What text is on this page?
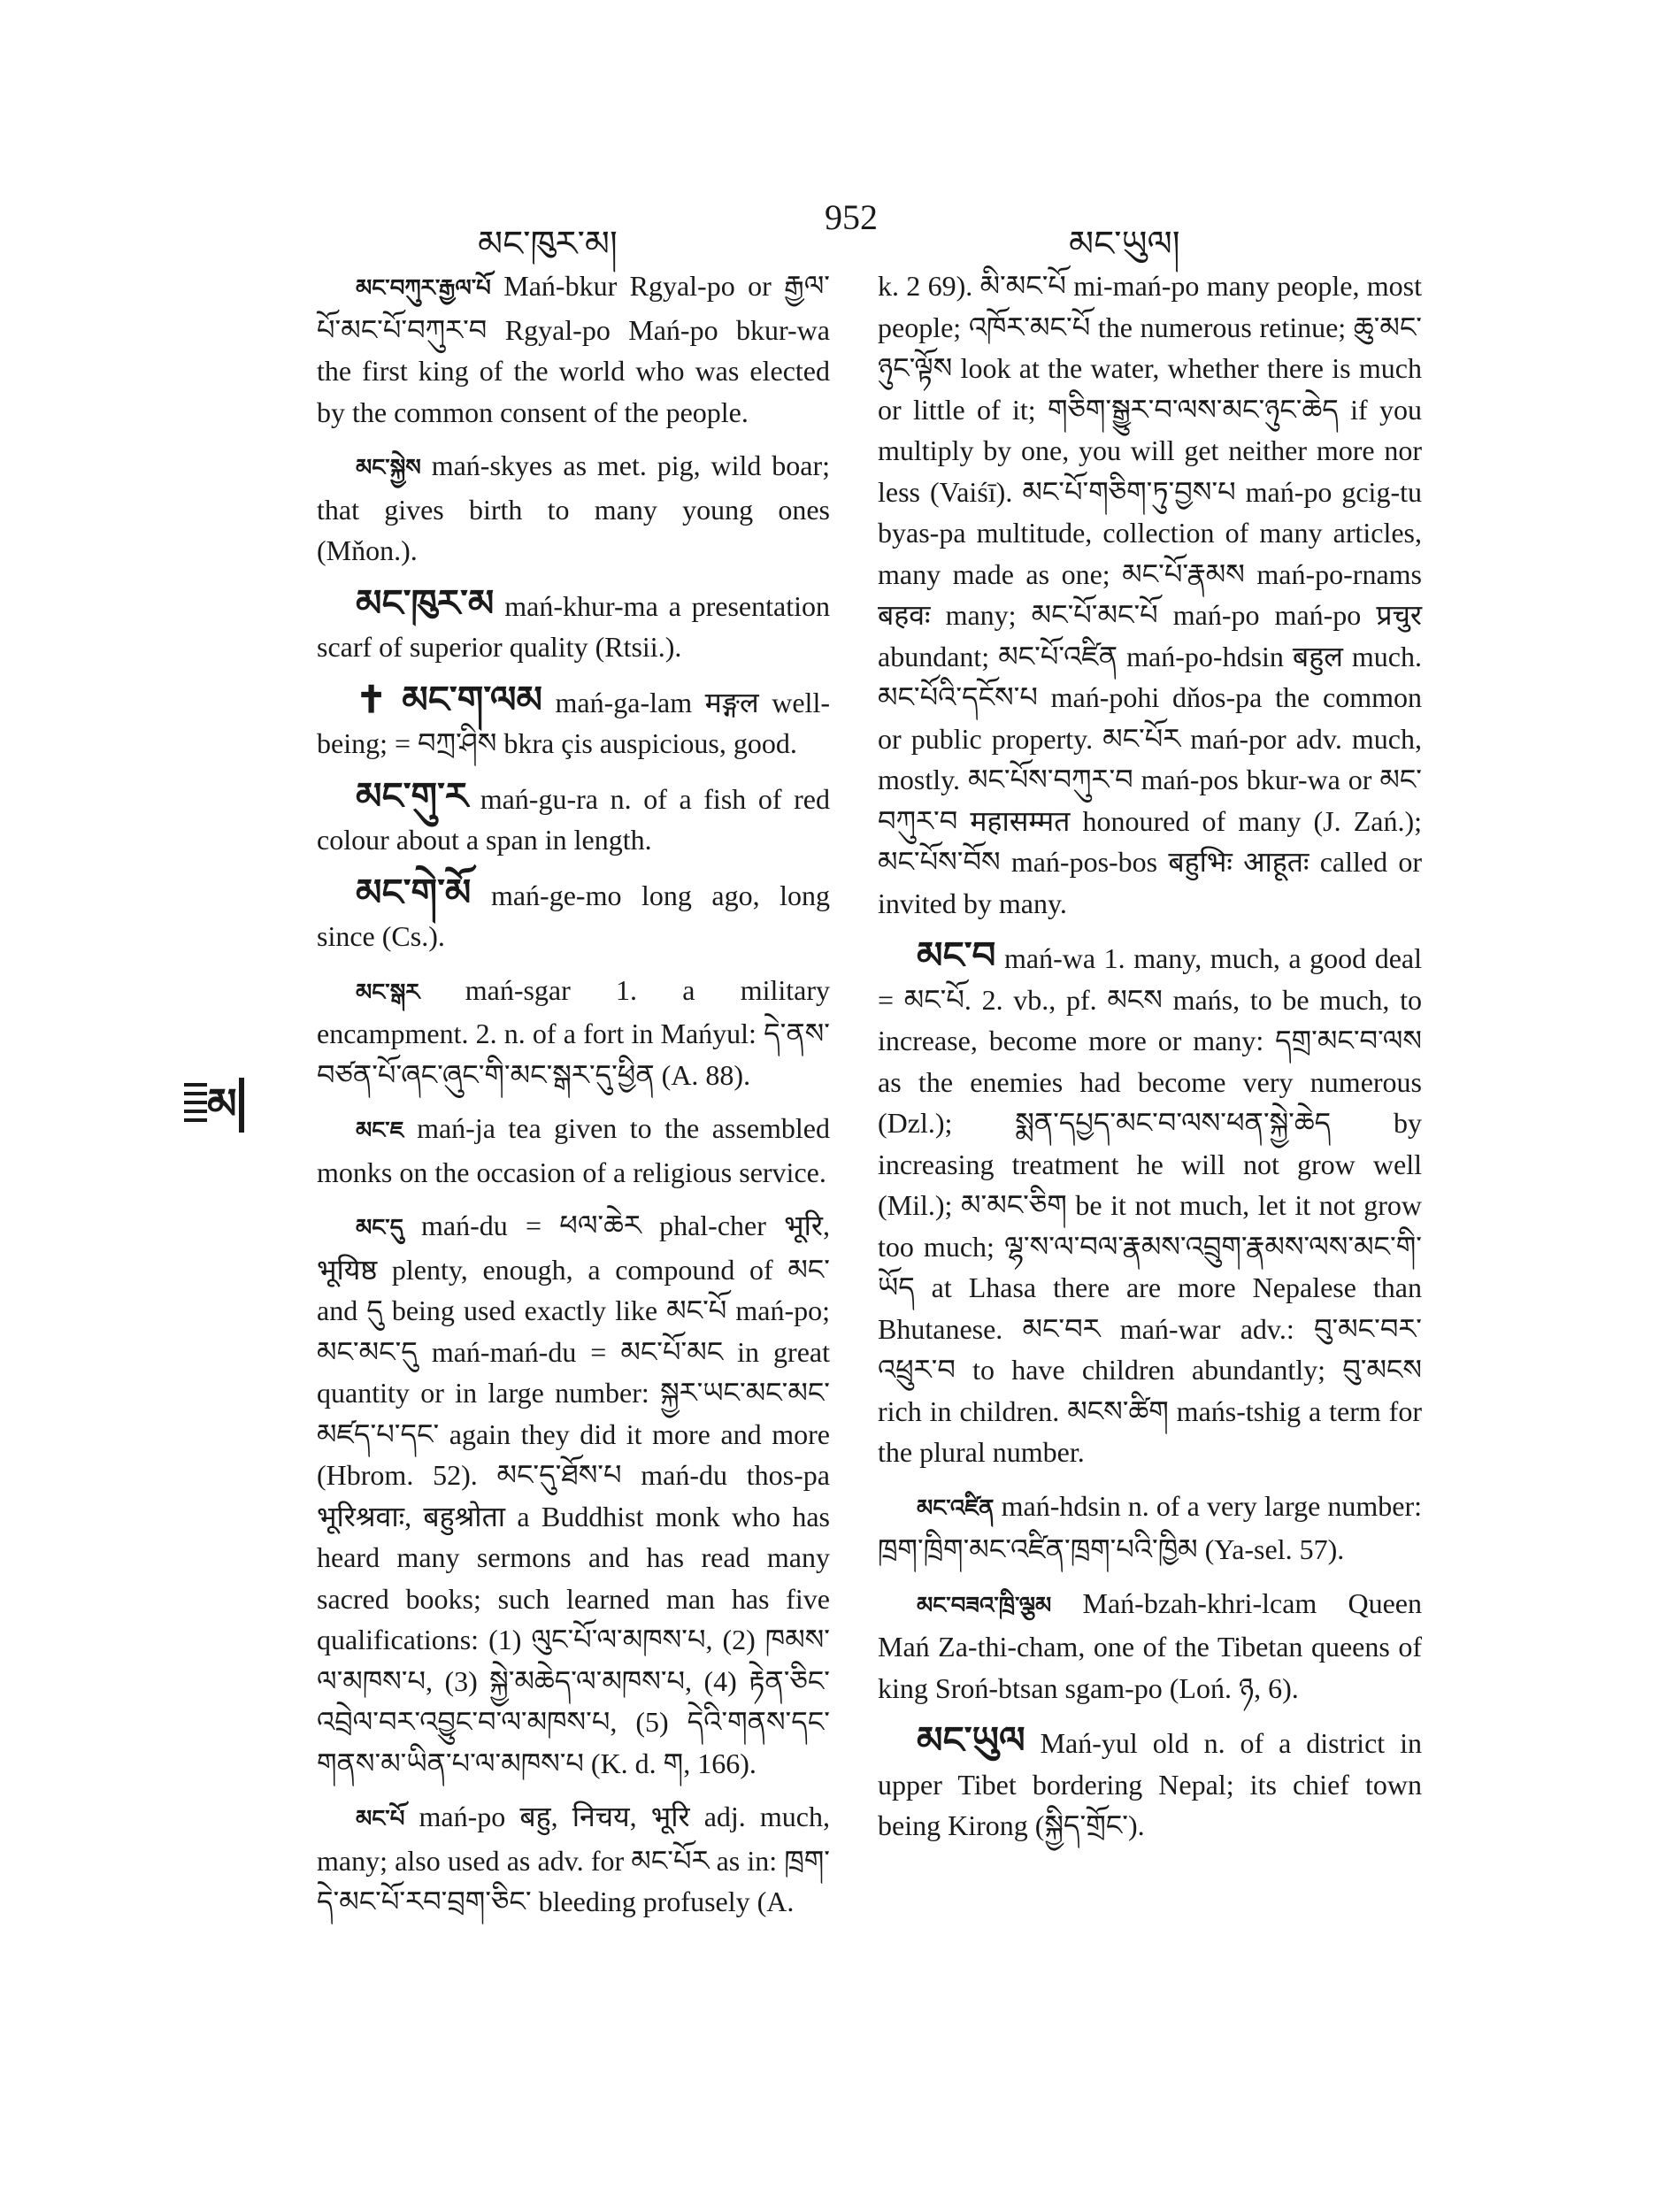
མང་ཁུར་མ།
952
མང་ཡུལ།
མ

མང་བཀུར་རྒྱལ་པོ Mań-bkur Rgyal-po or རྒྱལ་པོ་མང་པོ་བཀུར་བ Rgyal-po Mań-po bkur-wa the first king of the world who was elected by the common consent of the people.

མང་སྐྱེས mań-skyes as met. pig, wild boar; that gives birth to many young ones (Mňon.).

མང་ཁུར་མ mań-khur-ma a presentation scarf of superior quality (Rtsii.).

✝ མང་ག་ལམ mań-ga-lam मङ्गल well-being; = བཀྲ་ཤིས bkra çis auspicious, good.

མང་གུ་ར mań-gu-ra n. of a fish of red colour about a span in length.

མང་གེ་མོ mań-ge-mo long ago, long since (Cs.).

མང་སྒར mań-sgar 1. a military encampment. 2. n. of a fort in Mańyul: དེ་ནས་བཙན་པོ་ཞང་ཞུང་གི་མང་སྒར་དུ་ཕྱིན (A. 88).

མང་ཇ mań-ja tea given to the assembled monks on the occasion of a religious service.

མང་དུ mań-du = ཕལ་ཆེར phal-cher भूरि, भूयिष्ठ plenty, enough, a compound of མང་ and དུ being used exactly like མང་པོ mań-po; མང་མང་དུ mań-mań-du = མང་པོ་མང in great quantity or in large number: སྐྱར་ཡང་མང་མང་མཛད་པ་དང་ again they did it more and more (Hbrom. 52). མང་དུ་ཐོས་པ mań-du thos-pa भूरिश्रवाः, बहुश्रोता a Buddhist monk who has heard many sermons and has read many sacred books; such learned man has five qualifications: (1) ལུང་པོ་ལ་མཁས་པ, (2) ཁམས་ལ་མཁས་པ, (3) སྐྱེ་མཆེད་ལ་མཁས་པ, (4) རྟེན་ཅིང་འབྲེལ་བར་འབྱུང་བ་ལ་མཁས་པ, (5) དེའི་གནས་དང་གནས་མ་ཡིན་པ་ལ་མཁས་པ (K. d. ག, 166).

མང་པོ mań-po बहु, निचय, भूरि adj. much, many; also used as adv. for མང་པོར as in: ཁྲག་དེ་མང་པོ་རབ་བྲག་ཅིང་ bleeding profusely (A.

k. 2 69). མི་མང་པོ mi-mań-po many people, most people; འཁོར་མང་པོ the numerous retinue; ཆུ་མང་ཉུང་ལྟོས look at the water, whether there is much or little of it; གཅིག་སྒྱུར་བ་ལས་མང་ཉུང་ཆེད if you multiply by one, you will get neither more nor less (Vaiśī). མང་པོ་གཅིག་ཏུ་བྱས་པ mań-po gcig-tu byas-pa multitude, collection of many articles, many made as one; མང་པོ་རྣམས mań-po-rnams बहवः many; མང་པོ་མང་པོ mań-po mań-po प्रचुर abundant; མང་པོ་འཛིན mań-po-hdsin बहुल much. མང་པོའི་དངོས་པ mań-pohi dňos-pa the common or public property. མང་པོར mań-por adv. much, mostly. མང་པོས་བཀུར་བ mań-pos bkur-wa or མང་བཀུར་བ महासम्मत honoured of many (J. Zań.); མང་པོས་བོས mań-pos-bos बहुभिः आहूतः called or invited by many.

མང་བ mań-wa 1. many, much, a good deal = མང་པོ. 2. vb., pf. མངས mańs, to be much, to increase, become more or many: དགྲ་མང་བ་ལས as the enemies had become very numerous (Dzl.); སྨན་དཔྱད་མང་བ་ལས་ཕན་སྐྱེ་ཆེད by increasing treatment he will not grow well (Mil.); མ་མང་ཅིག be it not much, let it not grow too much; ལྷ་ས་ལ་བལ་རྣམས་འབྲུག་རྣམས་ལས་མང་གི་ཡོད at Lhasa there are more Nepalese than Bhutanese. མང་བར mań-war adv.: བུ་མང་བར་འཕྲུར་བ to have children abundantly; བུ་མངས rich in children. མངས་ཚིག mańs-tshig a term for the plural number.

མང་འཛིན mań-hdsin n. of a very large number: ཁྲག་ཁྲིག་མང་འཛིན་ཁྲག་པའི་ཁྱིམ (Ya-sel. 57).

མང་བཟའ་ཁྲི་ལྕམ Mań-bzah-khri-lcam Queen Mań Za-thi-cham, one of the Tibetan queens of king Sroń-btsan sgam-po (Loń. ཉ, 6).

མང་ཡུལ Mań-yul old n. of a district in upper Tibet bordering Nepal; its chief town being Kirong (སྐྱིད་གྲོང་).
